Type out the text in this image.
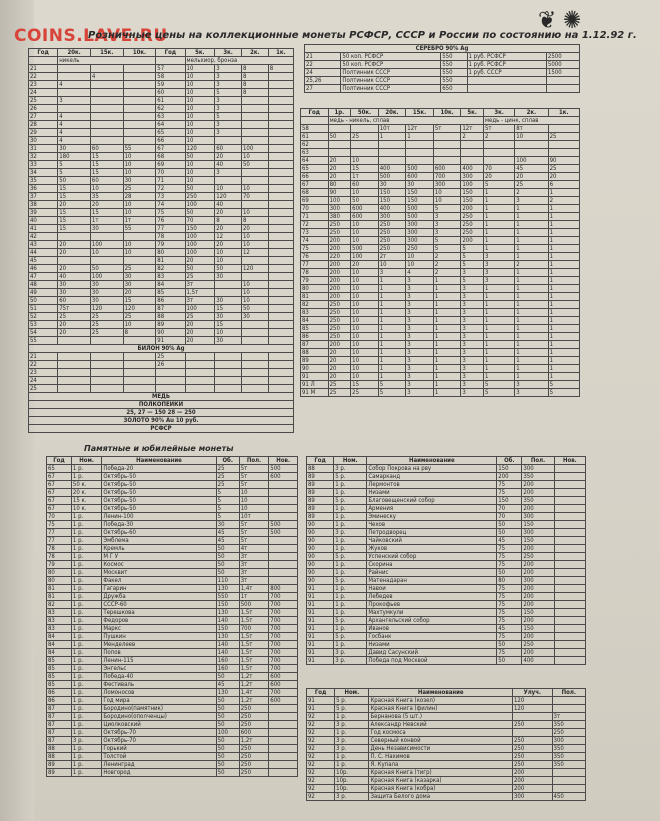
COINS.LAVE.RU
❦ ✺
Розничные цены на коллекционные монеты РСФСР, СССР и России по состоянию на 1.12.92 г.
Год	20к.	15к.	10к.	Год	5к.	3к.	2к.	1к.
	никель				мельхиор, бронза			
21				57	10	3	8	8
22		4		58	10	3	8	
23	4			59	10	3	8	
24				60	10	5	8	
25	3			61	10	3		
26				62	10	3		
27	4			63	10	5		
28	4			64	10	3		
29	4			65	10	3		
30	4			66	10			
31	30	60	55	67	120	60	100	
32	180	15	10	68	50	20	10	
33	5	15	10	69	10	40	50	
34	5	15	10	70	10	3		
35	50	60	30	71	10			
36	15	10	25	72	50	10	10	
37	15	35	28	73	250	120	70	
38	20	20	10	74	100	40		
39	15	15	10	75	50	20	10	
40	15	1т	1т	76	70	8	8	
41	15	30	55	77	150	20	20	
42				78	100	12	10	
43	20	100	10	79	100	20	10	
44	20	10	10	80	100	10	12	
45				81	20	10		
46	20	50	25	82	50	50	120	
47	40	100	30	83	25	30		
48	30	30	30	84	3т		10	
49	30	30	20	85	1,5т		10	
50	60	30	15	86	3т	30	10	
51	75т	120	120	87	100	15	50	
52	25	25	25	88	25	30	30	
53	20	25	10	89	20	15		
54	20	25	8	90	20	10		
55				91	20	30		
БИЛОН 90% Ag								
21				25				
22				26				
23								
24								
25								
МЕДЬ								
ПОЛКОПЕЙКИ								
25, 27 — 150 28 — 250								
ЗОЛОТО 90% Au 10 руб.								
РСФСР								
СЕРЕБРО 90% Ag				
21	50 коп. РСФСР	550	1 руб. РСФСР	2500
22	50 коп. РСФСР	550	1 руб. РСФСР	5000
24	Полтинник СССР	550	1 руб. СССР	1500
25,26	Полтинник СССР	550		
27	Полтинник СССР	650		
Год	1р.	50к.	20к.	15к.	10к.	5к.	3к.	2к.	1к.
	медь - никель, сплав						медь - цинк, сплав		
58			10т	12т	5т	12т	5т	8т	
61	50	25	1	1		2	2	10	25
62									
63									
64	20	10						100	90
65	20	15	400	500	600	400	70	45	25
66	20	1т	500	600	700	300	20	20	20
67	80	60	30	30	300	100	5	25	6
68	90	10	150	150	10	150	1	2	1
69	100	50	150	150	10	150	1	3	2
70	300	600	400	500	5	200	1	1	1
71	380	600	300	500	3	250	1	1	1
72	250	10	250	300	3	250	1	1	1
73	250	10	250	300	3	250	1	1	1
74	200	10	250	300	5	200	1	1	1
75	200	500	250	250	5	5	1	1	1
76	220	100	2т	10	2	5	3	1	1
77	200	20	10	10	2	5	3	2	1
78	200	10	3	4	2	3	3	1	1
79	200	10	1	3	1	5	3	1	1
80	200	10	1	3	1	3	1	1	1
81	200	10	1	3	1	3	1	1	1
82	250	10	1	3	1	3	1	1	1
83	250	10	1	3	1	3	1	1	1
84	250	10	1	3	1	3	1	1	1
85	250	10	1	3	1	3	1	1	1
86	250	10	1	3	1	3	1	1	1
87	200	10	1	3	1	3	1	1	1
88	20	10	1	3	1	3	1	1	1
89	20	10	1	3	1	3	1	1	1
90	20	10	1	3	1	3	1	1	1
91	20	10	1	3	1	3	1	1	1
91 Л	25	15	5	3	1	3	5	3	5
91 М	25	25	5	3	1	3	5	3	5
Памятные и юбилейные монеты
Год	Ном.	Наименование	Об.	Пол.	Нов.
65	1 р.	Победа-20	25	5т	500
67	1 р.	Октябрь-50	25	5т	600
67	50 к.	Октябрь-50	25	5т	
67	20 к.	Октябрь-50	5	10	
67	15 к.	Октябрь-50	5	10	
67	10 к.	Октябрь-50	5	10	
70	1 р.	Ленин-100	5	10т	
75	1 р.	Победа-30	30	5т	500
77	1 р.	Октябрь-60	45	5т	500
77	1 р.	Эмблема	45	5т	
78	1 р.	Кремль	50	4т	
78	1 р.	М Г У	50	3т	
79	1 р.	Космос	50	3т	
80	1 р.	Москвит	50	3т	
80	1 р.	Факел	110	3т	
81	1 р.	Гагарин	130	1,4т	800
81	1 р.	Дружба	550	1т	700
82	1 р.	СССР-60	150	500	700
83	1 р.	Терешкова	130	1,5т	700
83	1 р.	Федоров	140	1,5т	700
83	1 р.	Маркс	150	700	700
84	1 р.	Пушкин	130	1,5т	700
84	1 р.	Менделеев	140	1,5т	700
84	1 р.	Попов	140	1,5т	700
85	1 р.	Ленин-115	160	1,5т	700
85	1 р.	Энгельс	160	1,5т	700
85	1 р.	Победа-40	50	1,2т	600
85	1 р.	Фестиваль	45	1,2т	600
86	1 р.	Ломоносов	130	1,4т	700
86	1 р.	Год мира	50	1,2т	600
87	1 р.	Бородино(памятник)	50	250	
87	1 р.	Бородино(ополченцы)	50	250	
87	1 р.	Циолковский	50	250	
87	1 р.	Октябрь-70	100	600	
87	3 р.	Октябрь-70	50	1,2т	
88	1 р.	Горький	50	250	
88	1 р.	Толстой	50	250	
89	1 р.	Ленинград	50	250	
89	1 р.	Новгород	50	250	
Год	Ном.	Наименование	Об.	Пол.	Нов.
88	3 р.	Собор Покрова на рву	150	300	
89	5 р.	Самарканд	200	350	
89	1 р.	Лермонтов	75	200	
89	1 р.	Низами	75	200	
89	5 р.	Благовещенский собор	150	350	
89	1 р.	Армения	70	200	
89	1 р.	Эминеску	70	300	
90	1 р.	Чехов	50	150	
90	3 р.	Петродворец	50	300	
90	1 р.	Чайковский	45	150	
90	1 р.	Жуков	75	200	
90	5 р.	Успенский собор	75	250	
90	1 р.	Скорина	75	200	
90	1 р.	Райнис	50	200	
90	5 р.	Матенадаран	80	300	
91	1 р.	Навои	75	200	
91	1 р.	Лебедев	75	200	
91	1 р.	Прокофьев	75	200	
91	1 р.	Махтумкули	75	150	
91	5 р.	Архангельский собор	75	200	
91	1 р.	Иванов	45	150	
91	5 р.	Госбанк	75	200	
91	1 р.	Низами	50	250	
91	3 р.	Давид Сасунский	75	200	
91	3 р.	Победа под Москвой	50	400	
Год	Ном.	Наименование	Улуч.	Пол.
91	5 р.	Красная Книга (козел)	120	
91	5 р.	Красная Книга (филин)	120	
92	1 р.	Бернанова (5 шт.)		3т
92	3 р.	Александр Невский	250	350
92	1 р.	Год космоса		250
92	3 р.	Северный конвой	250	300
92	3 р.	День Независимости	250	350
92	1 р.	П. С. Нахимов	250	350
92	1 р.	Я. Купала	250	350
92	10р.	Красная Книга (тигр)	200	
92	10р.	Красная Книга (казарка)	200	
92	10р.	Красная Книга (кобра)	200	
92	3 р.	Защита Белого дома	300	450
